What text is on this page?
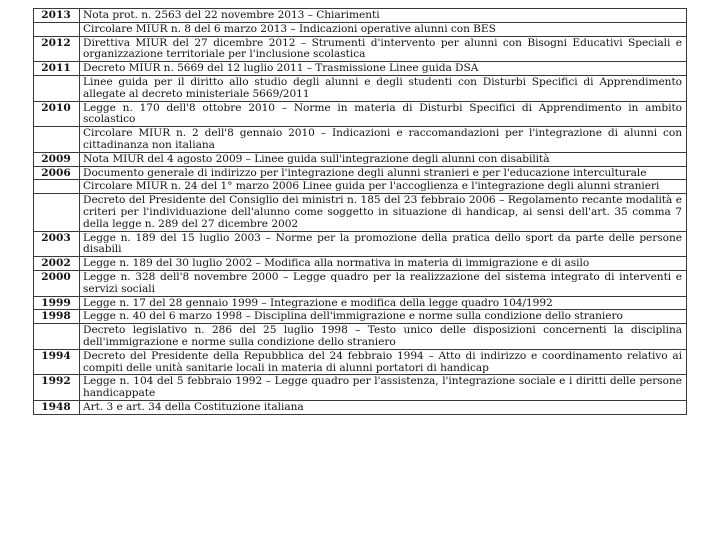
2013	Nota prot. n. 2563 del 22 novembre 2013 – Chiarimenti
	Circolare MIUR n. 8 del 6 marzo 2013 – Indicazioni operative alunni con BES
2012	Direttiva MIUR del 27 dicembre 2012 – Strumenti d'intervento per alunni con Bisogni Educativi Speciali e organizzazione territoriale per l'inclusione scolastica
2011	Decreto MIUR n. 5669 del 12 luglio 2011 – Trasmissione Linee guida DSA
	Linee guida per il diritto allo studio degli alunni e degli studenti con Disturbi Specifici di Apprendimento allegate al decreto ministeriale 5669/2011
2010	Legge n. 170 dell'8 ottobre 2010 – Norme in materia di Disturbi Specifici di Apprendimento in ambito scolastico
	Circolare MIUR n. 2 dell'8 gennaio 2010 – Indicazioni e raccomandazioni per l'integrazione di alunni con cittadinanza non italiana
2009	Nota MIUR del 4 agosto 2009 – Linee guida sull'integrazione degli alunni con disabilità
2006	Documento generale di indirizzo per l'integrazione degli alunni stranieri e per l'educazione interculturale
	Circolare MIUR n. 24 del 1° marzo 2006 Linee guida per l'accoglienza e l'integrazione degli alunni stranieri
	Decreto del Presidente del Consiglio dei ministri n. 185 del 23 febbraio 2006 – Regolamento recante modalità e criteri per l'individuazione dell'alunno come soggetto in situazione di handicap, ai sensi dell'art. 35 comma 7 della legge n. 289 del 27 dicembre 2002
2003	Legge n. 189 del 15 luglio 2003 – Norme per la promozione della pratica dello sport da parte delle persone disabili
2002	Legge n. 189 del 30 luglio 2002 – Modifica alla normativa in materia di immigrazione e di asilo
2000	Legge n. 328 dell'8 novembre 2000 – Legge quadro per la realizzazione del sistema integrato di interventi e servizi sociali
1999	Legge n. 17 del 28 gennaio 1999 – Integrazione e modifica della legge quadro 104/1992
1998	Legge n. 40 del 6 marzo 1998 – Disciplina dell'immigrazione e norme sulla condizione dello straniero
	Decreto legislativo n. 286 del 25 luglio 1998 – Testo unico delle disposizioni concernenti la disciplina dell'immigrazione e norme sulla condizione dello straniero
1994	Decreto del Presidente della Repubblica del 24 febbraio 1994 – Atto di indirizzo e coordinamento relativo ai compiti delle unità sanitarie locali in materia di alunni portatori di handicap
1992	Legge n. 104 del 5 febbraio 1992 – Legge quadro per l'assistenza, l'integrazione sociale e i diritti delle persone handicappate
1948	Art. 3 e art. 34 della Costituzione italiana
